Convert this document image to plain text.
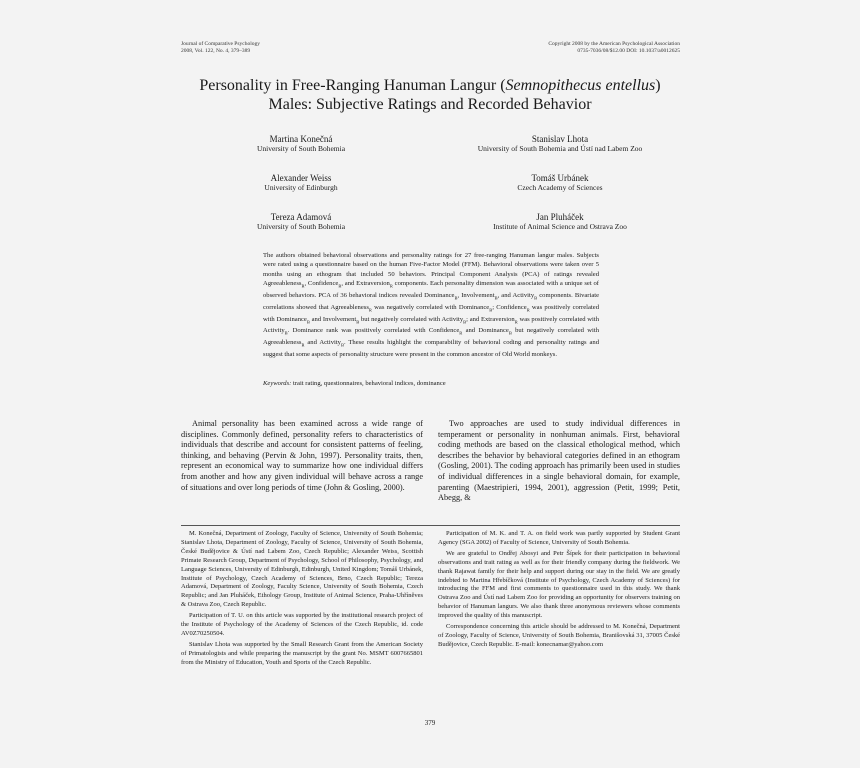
Journal of Comparative Psychology
2008, Vol. 122, No. 4, 379–389
Copyright 2008 by the American Psychological Association
0735-7036/08/$12.00 DOI: 10.1037/a0012625
Personality in Free-Ranging Hanuman Langur (Semnopithecus entellus)
Males: Subjective Ratings and Recorded Behavior
Martina Konečná
University of South Bohemia
Stanislav Lhota
University of South Bohemia and Ústí nad Labem Zoo
Alexander Weiss
University of Edinburgh
Tomáš Urbánek
Czech Academy of Sciences
Tereza Adamová
University of South Bohemia
Jan Pluháček
Institute of Animal Science and Ostrava Zoo
The authors obtained behavioral observations and personality ratings for 27 free-ranging Hanuman langur males. Subjects were rated using a questionnaire based on the human Five-Factor Model (FFM). Behavioral observations were taken over 5 months using an ethogram that included 50 behaviors. Principal Component Analysis (PCA) of ratings revealed Agreeableness$_R$, Confidence$_R$, and Extraversion$_R$ components. Each personality dimension was associated with a unique set of observed behaviors. PCA of 36 behavioral indices revealed Dominance$_B$, Involvement$_B$, and Activity$_B$ components. Bivariate correlations showed that Agreeableness$_R$ was negatively correlated with Dominance$_B$; Confidence$_R$ was positively correlated with Dominance$_B$ and Involvement$_B$ but negatively correlated with Activity$_B$; and Extraversion$_R$ was positively correlated with Activity$_B$. Dominance rank was positively correlated with Confidence$_R$ and Dominance$_B$ but negatively correlated with Agreeableness$_R$ and Activity$_B$. These results highlight the comparability of behavioral coding and personality ratings and suggest that some aspects of personality structure were present in the common ancestor of Old World monkeys.
Keywords: trait rating, questionnaires, behavioral indices, dominance

Animal personality has been examined across a wide range of disciplines. Commonly defined, personality refers to characteristics of individuals that describe and account for consistent patterns of feeling, thinking, and behaving (Pervin & John, 1997). Personality traits, then, represent an economical way to summarize how one individual differs from another and how any given individual will behave across a range of situations and over long periods of time (John & Gosling, 2000).

Two approaches are used to study individual differences in temperament or personality in nonhuman animals. First, behavioral coding methods are based on the classical ethological method, which describes the behavior by behavioral categories defined in an ethogram (Gosling, 2001). The coding approach has primarily been used in studies of individual differences in a single behavioral domain, for example, parenting (Maestripieri, 1994, 2001), aggression (Petit, 1999; Petit, Abegg, &

M. Konečná, Department of Zoology, Faculty of Science, University of South Bohemia; Stanislav Lhota, Department of Zoology, Faculty of Science, University of South Bohemia, České Budějovice & Ústí nad Labem Zoo, Czech Republic; Alexander Weiss, Scottish Primate Research Group, Department of Psychology, School of Philosophy, Psychology, and Language Sciences, University of Edinburgh, Edinburgh, United Kingdom; Tomáš Urbánek, Institute of Psychology, Czech Academy of Sciences, Brno, Czech Republic; Tereza Adamová, Department of Zoology, Faculty Science, University of South Bohemia, Czech Republic; and Jan Pluháček, Ethology Group, Institute of Animal Science, Praha-Uhříněves & Ostrava Zoo, Czech Republic.

Participation of T. U. on this article was supported by the institutional research project of the Institute of Psychology of the Academy of Sciences of the Czech Republic, id. code AV0Z70250504.

Stanislav Lhota was supported by the Small Research Grant from the American Society of Primatologists and while preparing the manuscript by the grant No. MSMT 6007665801 from the Ministry of Education, Youth and Sports of the Czech Republic.

Participation of M. K. and T. A. on field work was partly supported by Student Grant Agency (SGA 2002) of Faculty of Science, University of South Bohemia.

We are grateful to Ondřej Abosyi and Petr Šípek for their participation in behavioral observations and trait rating as well as for their friendly company during the fieldwork. We thank Rajawat family for their help and support during our stay in the field. We are greatly indebted to Martina Hřebíčková (Institute of Psychology, Czech Academy of Sciences) for introducing the FFM and first comments to questionnaire used in this study. We thank Ostrava Zoo and Ústí nad Labem Zoo for providing an opportunity for observers training on behavior of Hanuman langurs. We also thank three anonymous reviewers whose comments improved the quality of this manuscript.

Correspondence concerning this article should be addressed to M. Konečná, Department of Zoology, Faculty of Science, University of South Bohemia, Branišovská 31, 37005 České Budějovice, Czech Republic. E-mail: konecnamar@yahoo.com

379
